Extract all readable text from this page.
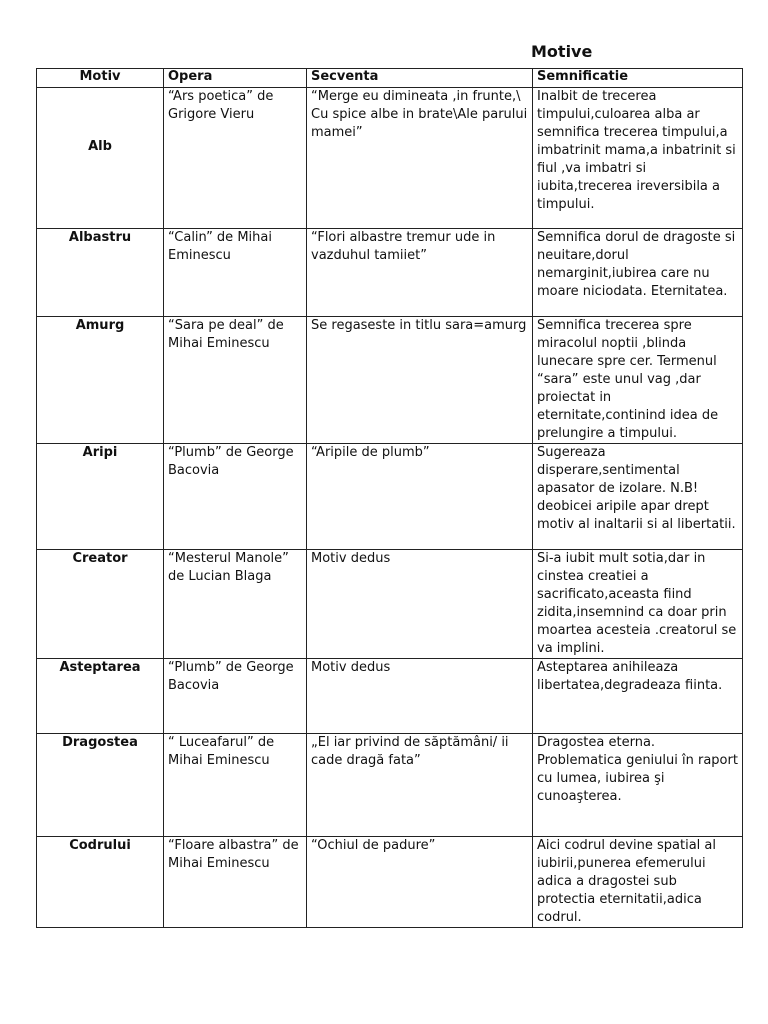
Motive
Motiv	Opera	Secventa	Semnificatie
Alb	“Ars poetica” de Grigore Vieru	“Merge eu dimineata ,in frunte,\ Cu spice albe in brate\Ale parului mamei”	Inalbit de trecerea timpului,culoarea alba ar semnifica trecerea timpului,a imbatrinit mama,a inbatrinit si fiul ,va imbatri si iubita,trecerea ireversibila a timpului.
Albastru	“Calin” de Mihai Eminescu	“Flori albastre tremur ude in vazduhul tamiiet”	Semnifica dorul de dragoste si neuitare,dorul nemarginit,iubirea care nu moare niciodata. Eternitatea.
Amurg	“Sara pe deal” de Mihai Eminescu	Se regaseste in titlu sara=amurg	Semnifica trecerea spre miracolul noptii ,blinda lunecare spre cer. Termenul “sara” este unul vag ,dar proiectat in eternitate,continind idea de prelungire a timpului.
Aripi	“Plumb” de George Bacovia	“Aripile de plumb”	Sugereaza disperare,sentimental apasator de izolare. N.B! deobicei aripile apar drept motiv al inaltarii si al libertatii.
Creator	“Mesterul Manole” de Lucian Blaga	Motiv dedus	Si-a iubit mult sotia,dar in cinstea creatiei a sacrificato,aceasta fiind zidita,insemnind ca doar prin moartea acesteia .creatorul se va implini.
Asteptarea	“Plumb” de George Bacovia	Motiv dedus	Asteptarea anihileaza libertatea,degradeaza fiinta.
Dragostea	“ Luceafarul” de Mihai Eminescu	„El iar privind de săptămâni/ ii cade dragă fata”	Dragostea eterna. Problematica geniului în raport cu lumea, iubirea şi cunoaşterea.
Codrului	“Floare albastra” de Mihai Eminescu	“Ochiul de padure”	Aici codrul devine spatial al iubirii,punerea efemerului adica a dragostei sub protectia eternitatii,adica codrul.
